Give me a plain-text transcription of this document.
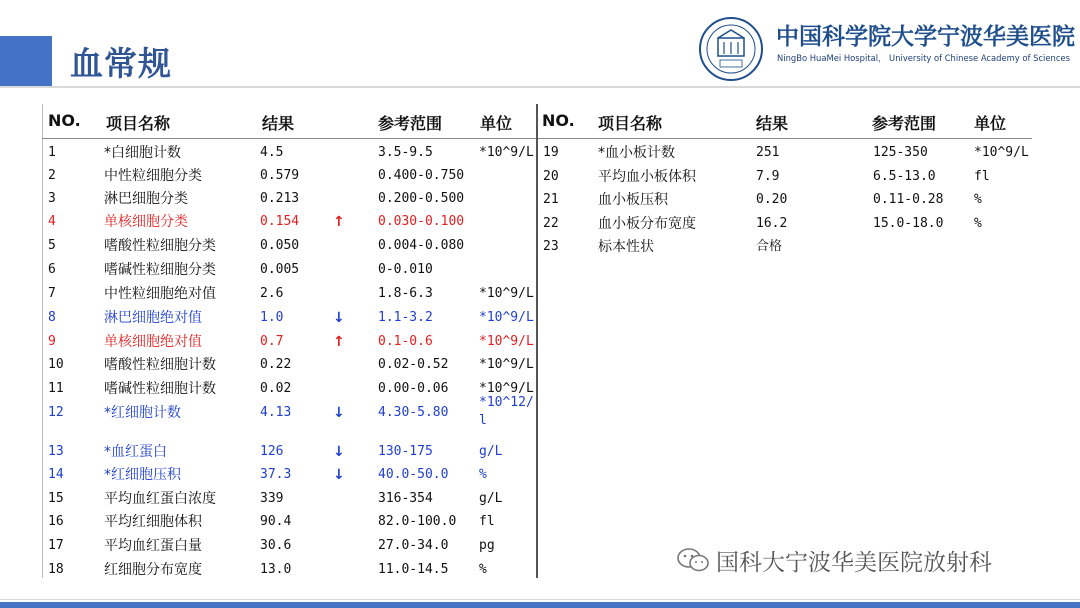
血常规
中国科学院大学宁波华美医院
NingBo HuaMei Hospital， University of Chinese Academy of Sciences
NO. 项目名称	结果	参考范围 单位 NO. 项目名称	结果	参考范围 单位
1	*白细胞计数	4.5	3.5-9.5	*10^9/L
2	中性粒细胞分类	0.579	0.400-0.750
3	淋巴细胞分类	0.213	0.200-0.500
4	单核细胞分类	0.154 ↑	0.030-0.100
5	嗜酸性粒细胞分类	0.050	0.004-0.080
6	嗜碱性粒细胞分类	0.005	0-0.010
7	中性粒细胞绝对值	2.6	1.8-6.3	*10^9/L
8	淋巴细胞绝对值	1.0	↓	1.1-3.2	*10^9/L
9	单核细胞绝对值	0.7	↑	0.1-0.6	*10^9/L
10	嗜酸性粒细胞计数	0.22	0.02-0.52 *10^9/L
11	嗜碱性粒细胞计数	0.02	0.00-0.06 *10^9/L
12	*红细胞计数	4.13	↓	4.30-5.80
*10^12/l
13	*血红蛋白	126	↓	130-175	g/L
14	*红细胞压积	37.3	↓	40.0-50.0 %
15	平均血红蛋白浓度	339	316-354	g/L
16	平均红细胞体积	90.4	82.0-100.0 fl
17	平均血红蛋白量	30.6	27.0-34.0 pg
18	红细胞分布宽度	13.0	11.0-14.5 %
19	*血小板计数	251	125-350	*10^9/L
20	平均血小板体积	7.9	6.5-13.0	fl
21	血小板压积	0.20	0.11-0.28 %
22	血小板分布宽度	16.2	15.0-18.0 %
23	标本性状	合格
国科大宁波华美医院放射科
